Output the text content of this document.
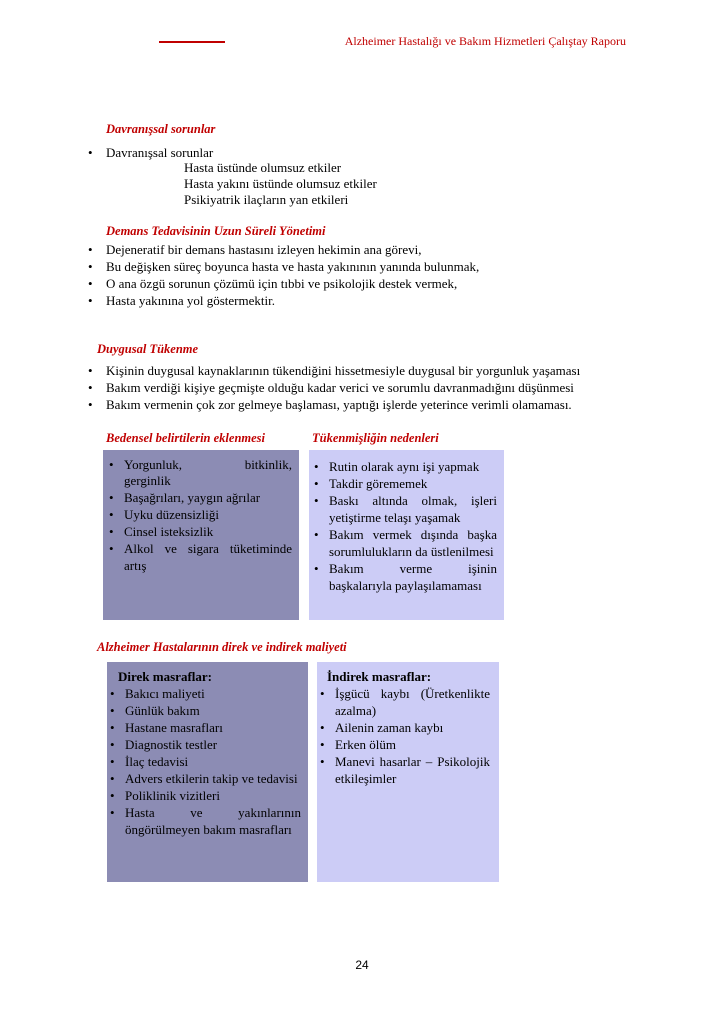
Alzheimer Hastalığı ve Bakım Hizmetleri Çalıştay Raporu
Davranışsal sorunlar
• Davranışsal sorunlar
Hasta üstünde olumsuz etkiler
Hasta yakını üstünde olumsuz etkiler
Psikiyatrik ilaçların yan etkileri
Demans Tedavisinin Uzun Süreli Yönetimi
• Dejeneratif bir demans hastasını izleyen hekimin ana görevi,
• Bu değişken süreç boyunca hasta ve hasta yakınının yanında bulunmak,
• O ana özgü sorunun çözümü için tıbbi ve psikolojik destek vermek,
• Hasta yakınına yol göstermektir.
Duygusal Tükenme
• Kişinin duygusal kaynaklarının tükendiğini hissetmesiyle duygusal bir yorgunluk yaşaması
• Bakım verdiği kişiye geçmişte olduğu kadar verici ve sorumlu davranmadığını düşünmesi
• Bakım vermenin çok zor gelmeye başlaması, yaptığı işlerde yeterince verimli olamaması.
Bedensel belirtilerin eklenmesi	Tükenmişliğin nedenleri
• Yorgunluk,	bitkinlik,
gerginlik
• Başağrıları, yaygın ağrılar
• Uyku düzensizliği
• Cinsel isteksizlik
• Alkol ve sigara tüketiminde artış
• Rutin olarak aynı işi yapmak
• Takdir görememek
• Baskı altında olmak, işleri yetiştirme telaşı yaşamak
• Bakım vermek dışında başka sorumlulukların da üstlenilmesi
• Bakım verme işinin başkalarıyla paylaşılamaması
Alzheimer Hastalarının direk ve indirek maliyeti
Direk masraflar:
• Bakıcı maliyeti
• Günlük bakım
• Hastane masrafları
• Diagnostik testler
• İlaç tedavisi
• Advers etkilerin takip ve tedavisi
• Poliklinik vizitleri
• Hasta ve yakınlarının öngörülmeyen bakım masrafları
İndirek masraflar:
• İşgücü kaybı (Üretkenlikte azalma)
• Ailenin zaman kaybı
• Erken ölüm
• Manevi hasarlar – Psikolojik etkileşimler
24
